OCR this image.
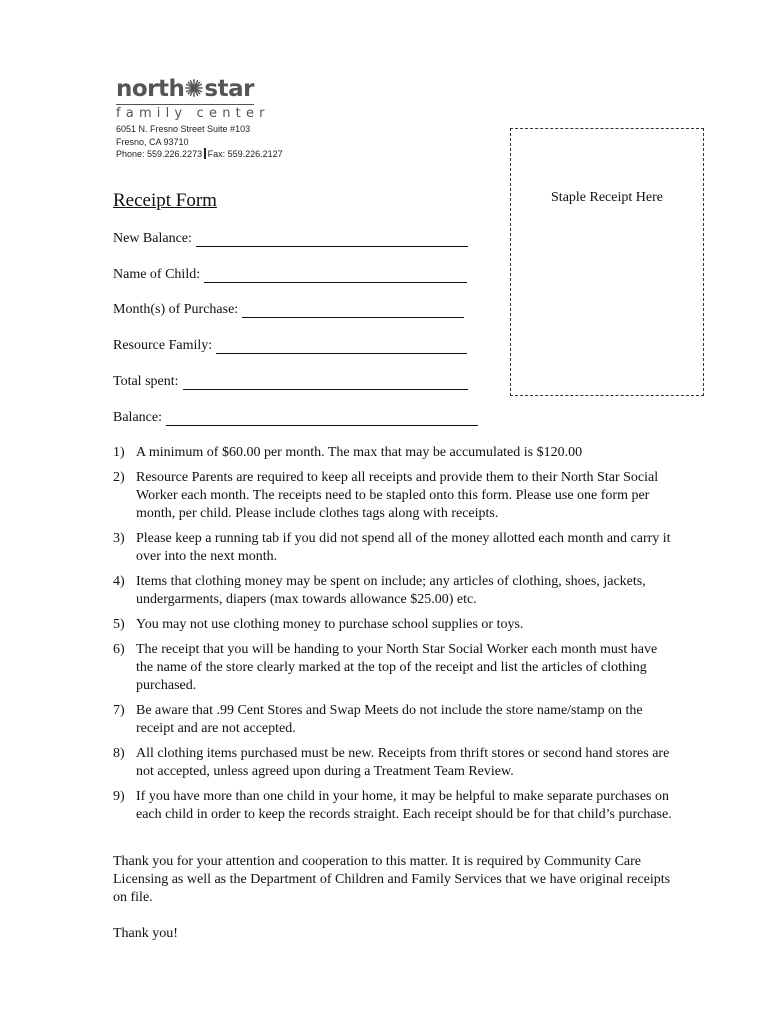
north star
family center
6051 N. Fresno Street Suite #103
Fresno, CA 93710
Phone: 559.226.2273 Fax: 559.226.2127
Staple Receipt Here
Receipt Form
New Balance:
Name of Child:
Month(s) of Purchase:
Resource Family:
Total spent:
Balance:
1) A minimum of $60.00 per month. The max that may be accumulated is $120.00
2) Resource Parents are required to keep all receipts and provide them to their North Star Social Worker each month. The receipts need to be stapled onto this form. Please use one form per month, per child. Please include clothes tags along with receipts.
3) Please keep a running tab if you did not spend all of the money allotted each month and carry it over into the next month.
4) Items that clothing money may be spent on include; any articles of clothing, shoes, jackets, undergarments, diapers (max towards allowance $25.00) etc.
5) You may not use clothing money to purchase school supplies or toys.
6) The receipt that you will be handing to your North Star Social Worker each month must have the name of the store clearly marked at the top of the receipt and list the articles of clothing purchased.
7) Be aware that .99 Cent Stores and Swap Meets do not include the store name/stamp on the receipt and are not accepted.
8) All clothing items purchased must be new. Receipts from thrift stores or second hand stores are not accepted, unless agreed upon during a Treatment Team Review.
9) If you have more than one child in your home, it may be helpful to make separate purchases on each child in order to keep the records straight. Each receipt should be for that child’s purchase.
Thank you for your attention and cooperation to this matter. It is required by Community Care Licensing as well as the Department of Children and Family Services that we have original receipts on file.
Thank you!
